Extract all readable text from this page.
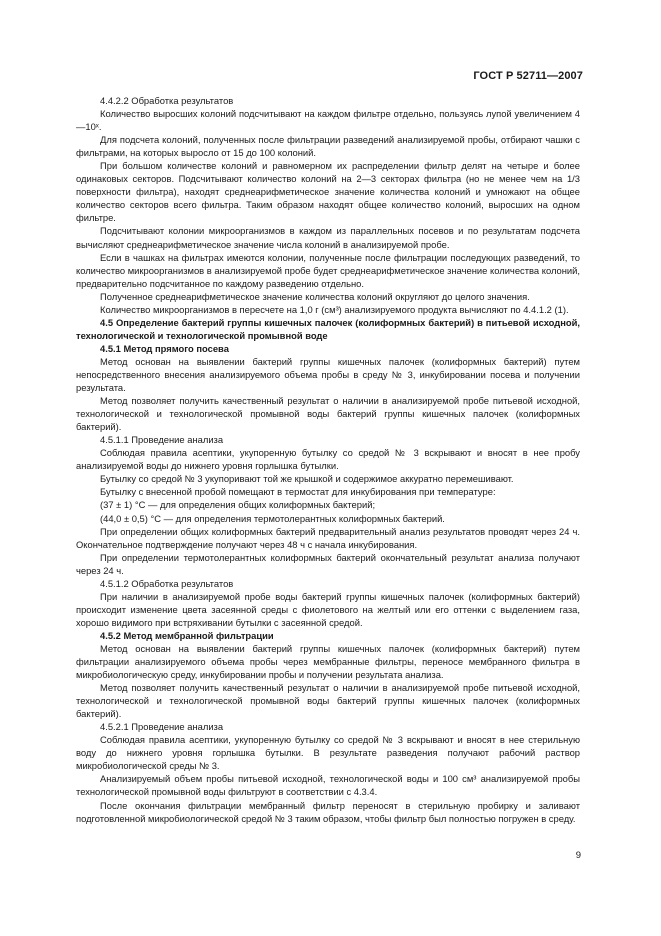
ГОСТ Р 52711—2007

4.4.2.2 Обработка результатов

Количество выросших колоний подсчитывают на каждом фильтре отдельно, пользуясь лупой увеличением 4—10ˣ.

Для подсчета колоний, полученных после фильтрации разведений анализируемой пробы, отбирают чашки с фильтрами, на которых выросло от 15 до 100 колоний.

При большом количестве колоний и равномерном их распределении фильтр делят на четыре и более одинаковых секторов. Подсчитывают количество колоний на 2—3 секторах фильтра (но не менее чем на 1/3 поверхности фильтра), находят среднеарифметическое значение количества колоний и умножают на общее количество секторов всего фильтра. Таким образом находят общее количество колоний, выросших на одном фильтре.

Подсчитывают колонии микроорганизмов в каждом из параллельных посевов и по результатам подсчета вычисляют среднеарифметическое значение числа колоний в анализируемой пробе.

Если в чашках на фильтрах имеются колонии, полученные после фильтрации последующих разведений, то количество микроорганизмов в анализируемой пробе будет среднеарифметическое значение количества колоний, предварительно подсчитанное по каждому разведению отдельно.

Полученное среднеарифметическое значение количества колоний округляют до целого значения.

Количество микроорганизмов в пересчете на 1,0 г (см³) анализируемого продукта вычисляют по 4.4.1.2 (1).

4.5 Определение бактерий группы кишечных палочек (колиформных бактерий) в питьевой исходной, технологической и технологической промывной воде

4.5.1 Метод прямого посева

Метод основан на выявлении бактерий группы кишечных палочек (колиформных бактерий) путем непосредственного внесения анализируемого объема пробы в среду № 3, инкубировании посева и получении результата.

Метод позволяет получить качественный результат о наличии в анализируемой пробе питьевой исходной, технологической и технологической промывной воды бактерий группы кишечных палочек (колиформных бактерий).

4.5.1.1 Проведение анализа

Соблюдая правила асептики, укупоренную бутылку со средой № 3 вскрывают и вносят в нее пробу анализируемой воды до нижнего уровня горлышка бутылки.

Бутылку со средой № 3 укупоривают той же крышкой и содержимое аккуратно перемешивают.

Бутылку с внесенной пробой помещают в термостат для инкубирования при температуре:

(37 ± 1) °С — для определения общих колиформных бактерий;

(44,0 ± 0,5) °С — для определения термотолерантных колиформных бактерий.

При определении общих колиформных бактерий предварительный анализ результатов проводят через 24 ч. Окончательное подтверждение получают через 48 ч с начала инкубирования.

При определении термотолерантных колиформных бактерий окончательный результат анализа получают через 24 ч.

4.5.1.2 Обработка результатов

При наличии в анализируемой пробе воды бактерий группы кишечных палочек (колиформных бактерий) происходит изменение цвета засеянной среды с фиолетового на желтый или его оттенки с выделением газа, хорошо видимого при встряхивании бутылки с засеянной средой.

4.5.2 Метод мембранной фильтрации

Метод основан на выявлении бактерий группы кишечных палочек (колиформных бактерий) путем фильтрации анализируемого объема пробы через мембранные фильтры, переносе мембранного фильтра в микробиологическую среду, инкубировании пробы и получении результата анализа.

Метод позволяет получить качественный результат о наличии в анализируемой пробе питьевой исходной, технологической и технологической промывной воды бактерий группы кишечных палочек (колиформных бактерий).

4.5.2.1 Проведение анализа

Соблюдая правила асептики, укупоренную бутылку со средой № 3 вскрывают и вносят в нее стерильную воду до нижнего уровня горлышка бутылки. В результате разведения получают рабочий раствор микробиологической среды № 3.

Анализируемый объем пробы питьевой исходной, технологической воды и 100 см³ анализируемой пробы технологической промывной воды фильтруют в соответствии с 4.3.4.

После окончания фильтрации мембранный фильтр переносят в стерильную пробирку и заливают подготовленной микробиологической средой № 3 таким образом, чтобы фильтр был полностью погружен в среду.

9
